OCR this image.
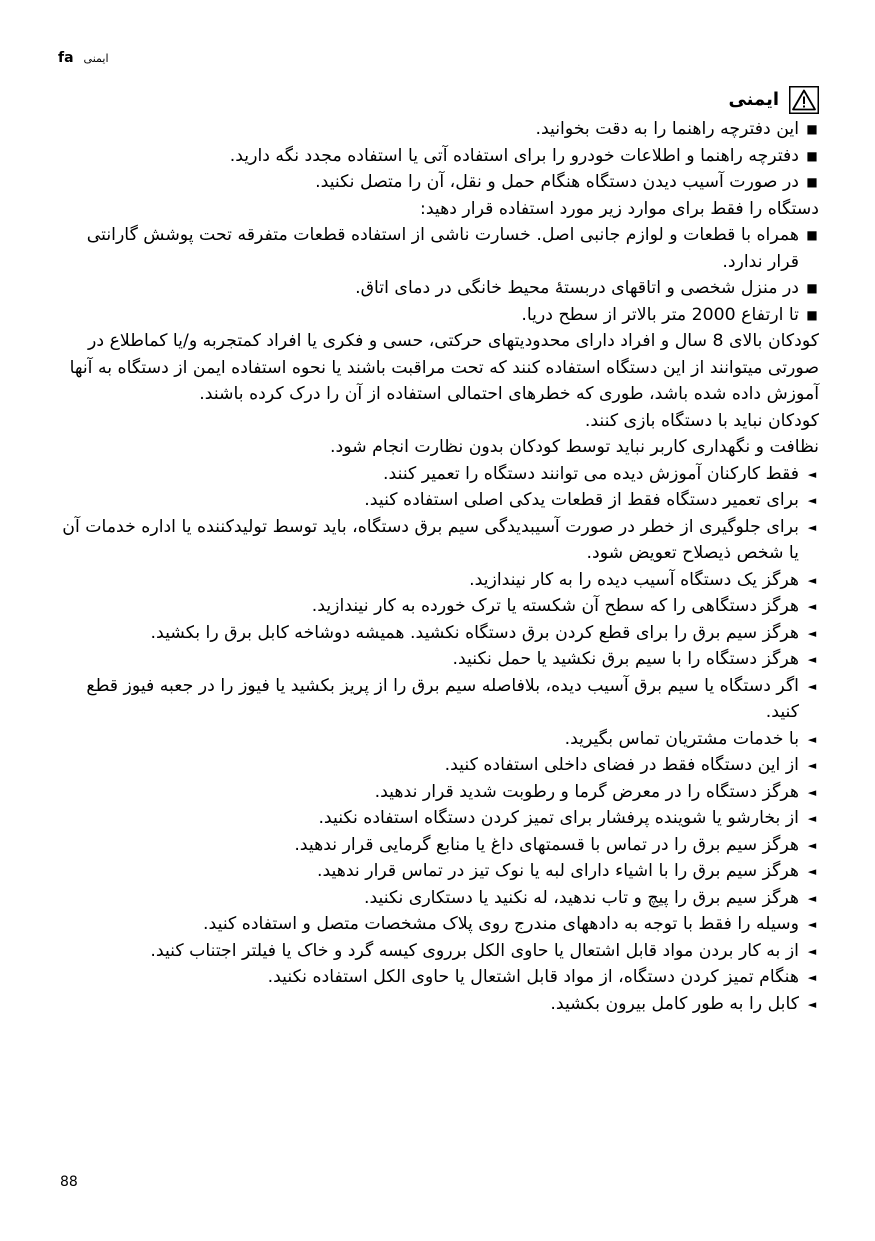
fa ایمنی
ایمنی
■
این دفترچه راهنما را به دقت بخوانید.
■
دفترچه راهنما و اطلاعات خودرو را برای استفاده آتی یا استفاده مجدد نگه دارید.
■
در صورت آسیب دیدن دستگاه هنگام حمل و نقل، آن را متصل نکنید.
دستگاه را فقط برای موارد زیر مورد استفاده قرار دهید:
■
همراه با قطعات و لوازم جانبی اصل. خسارت ناشی از استفاده قطعات متفرقه تحت پوشش گارانتی قرار ندارد.
■
در منزل شخصی و اتاقهای دربستهٔ محیط خانگی در دمای اتاق.
■
تا ارتفاع 2000 متر بالاتر از سطح دریا.
کودکان بالای 8 سال و افراد دارای محدودیتهای حرکتی، حسی و فکری یا افراد کمتجربه و/یا کماطلاع در صورتی میتوانند از این دستگاه استفاده کنند که تحت مراقبت باشند یا نحوه استفاده ایمن از دستگاه به آنها آموزش داده شده باشد، طوری که خطرهای احتمالی استفاده از آن را درک کرده باشند.
کودکان نباید با دستگاه بازی کنند.
نظافت و نگهداری کاربر نباید توسط کودکان بدون نظارت انجام شود.
◄
فقط کارکنان آموزش دیده می توانند دستگاه را تعمیر کنند.
◄
برای تعمیر دستگاه فقط از قطعات یدکی اصلی استفاده کنید.
◄
برای جلوگیری از خطر در صورت آسیبدیدگی سیم برق دستگاه، باید توسط تولیدکننده یا اداره خدمات آن یا شخص ذیصلاح تعویض شود.
◄
هرگز یک دستگاه آسیب دیده را به کار نیندازید.
◄
هرگز دستگاهی را که سطح آن شکسته یا ترک خورده به کار نیندازید.
◄
هرگز سیم برق را برای قطع کردن برق دستگاه نکشید. همیشه دوشاخه کابل برق را بکشید.
◄
هرگز دستگاه را با سیم برق نکشید یا حمل نکنید.
◄
اگر دستگاه یا سیم برق آسیب دیده، بلافاصله سیم برق را از پریز بکشید یا فیوز را در جعبه فیوز قطع کنید.
◄
با خدمات مشتریان تماس بگیرید.
◄
از این دستگاه فقط در فضای داخلی استفاده کنید.
◄
هرگز دستگاه را در معرض گرما و رطوبت شدید قرار ندهید.
◄
از بخارشو یا شوینده پرفشار برای تمیز کردن دستگاه استفاده نکنید.
◄
هرگز سیم برق را در تماس با قسمتهای داغ یا منابع گرمایی قرار ندهید.
◄
هرگز سیم برق را با اشیاء دارای لبه یا نوک تیز در تماس قرار ندهید.
◄
هرگز سیم برق را پیچ و تاب ندهید، له نکنید یا دستکاری نکنید.
◄
وسیله را فقط با توجه به دادههای مندرج روی پلاک مشخصات متصل و استفاده کنید.
◄
از به کار بردن مواد قابل اشتعال یا حاوی الکل برروی کیسه گرد و خاک یا فیلتر اجتناب کنید.
◄
هنگام تمیز کردن دستگاه، از مواد قابل اشتعال یا حاوی الکل استفاده نکنید.
◄
کابل را به طور کامل بیرون بکشید.
88
